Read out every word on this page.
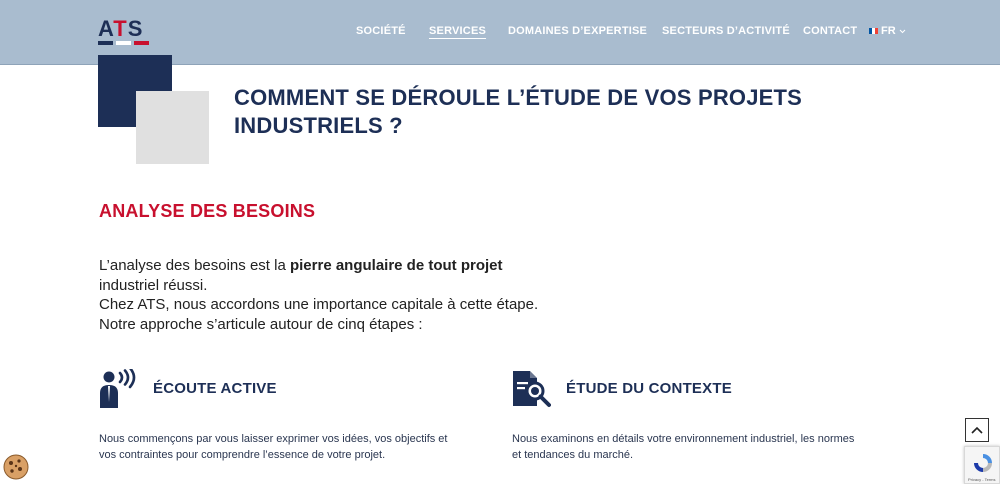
ATS	SOCIÉTÉ SERVICES DOMAINES D’EXPERTISE SECTEURS D’ACTIVITÉ CONTACT FR
COMMENT SE DÉROULE L’ÉTUDE DE VOS PROJETS
INDUSTRIELS ?
ANALYSE DES BESOINS

L’analyse des besoins est la pierre angulaire de tout projet
industriel réussi.
Chez ATS, nous accordons une importance capitale à cette étape.
Notre approche s’articule autour de cinq étapes :

ÉCOUTE ACTIVE

Nous commençons par vous laisser exprimer vos idées, vos objectifs et
vos contraintes pour comprendre l’essence de votre projet.

ÉTUDE DU CONTEXTE

Nous examinons en détails votre environnement industriel, les normes
et tendances du marché.

Privacy - Terms
